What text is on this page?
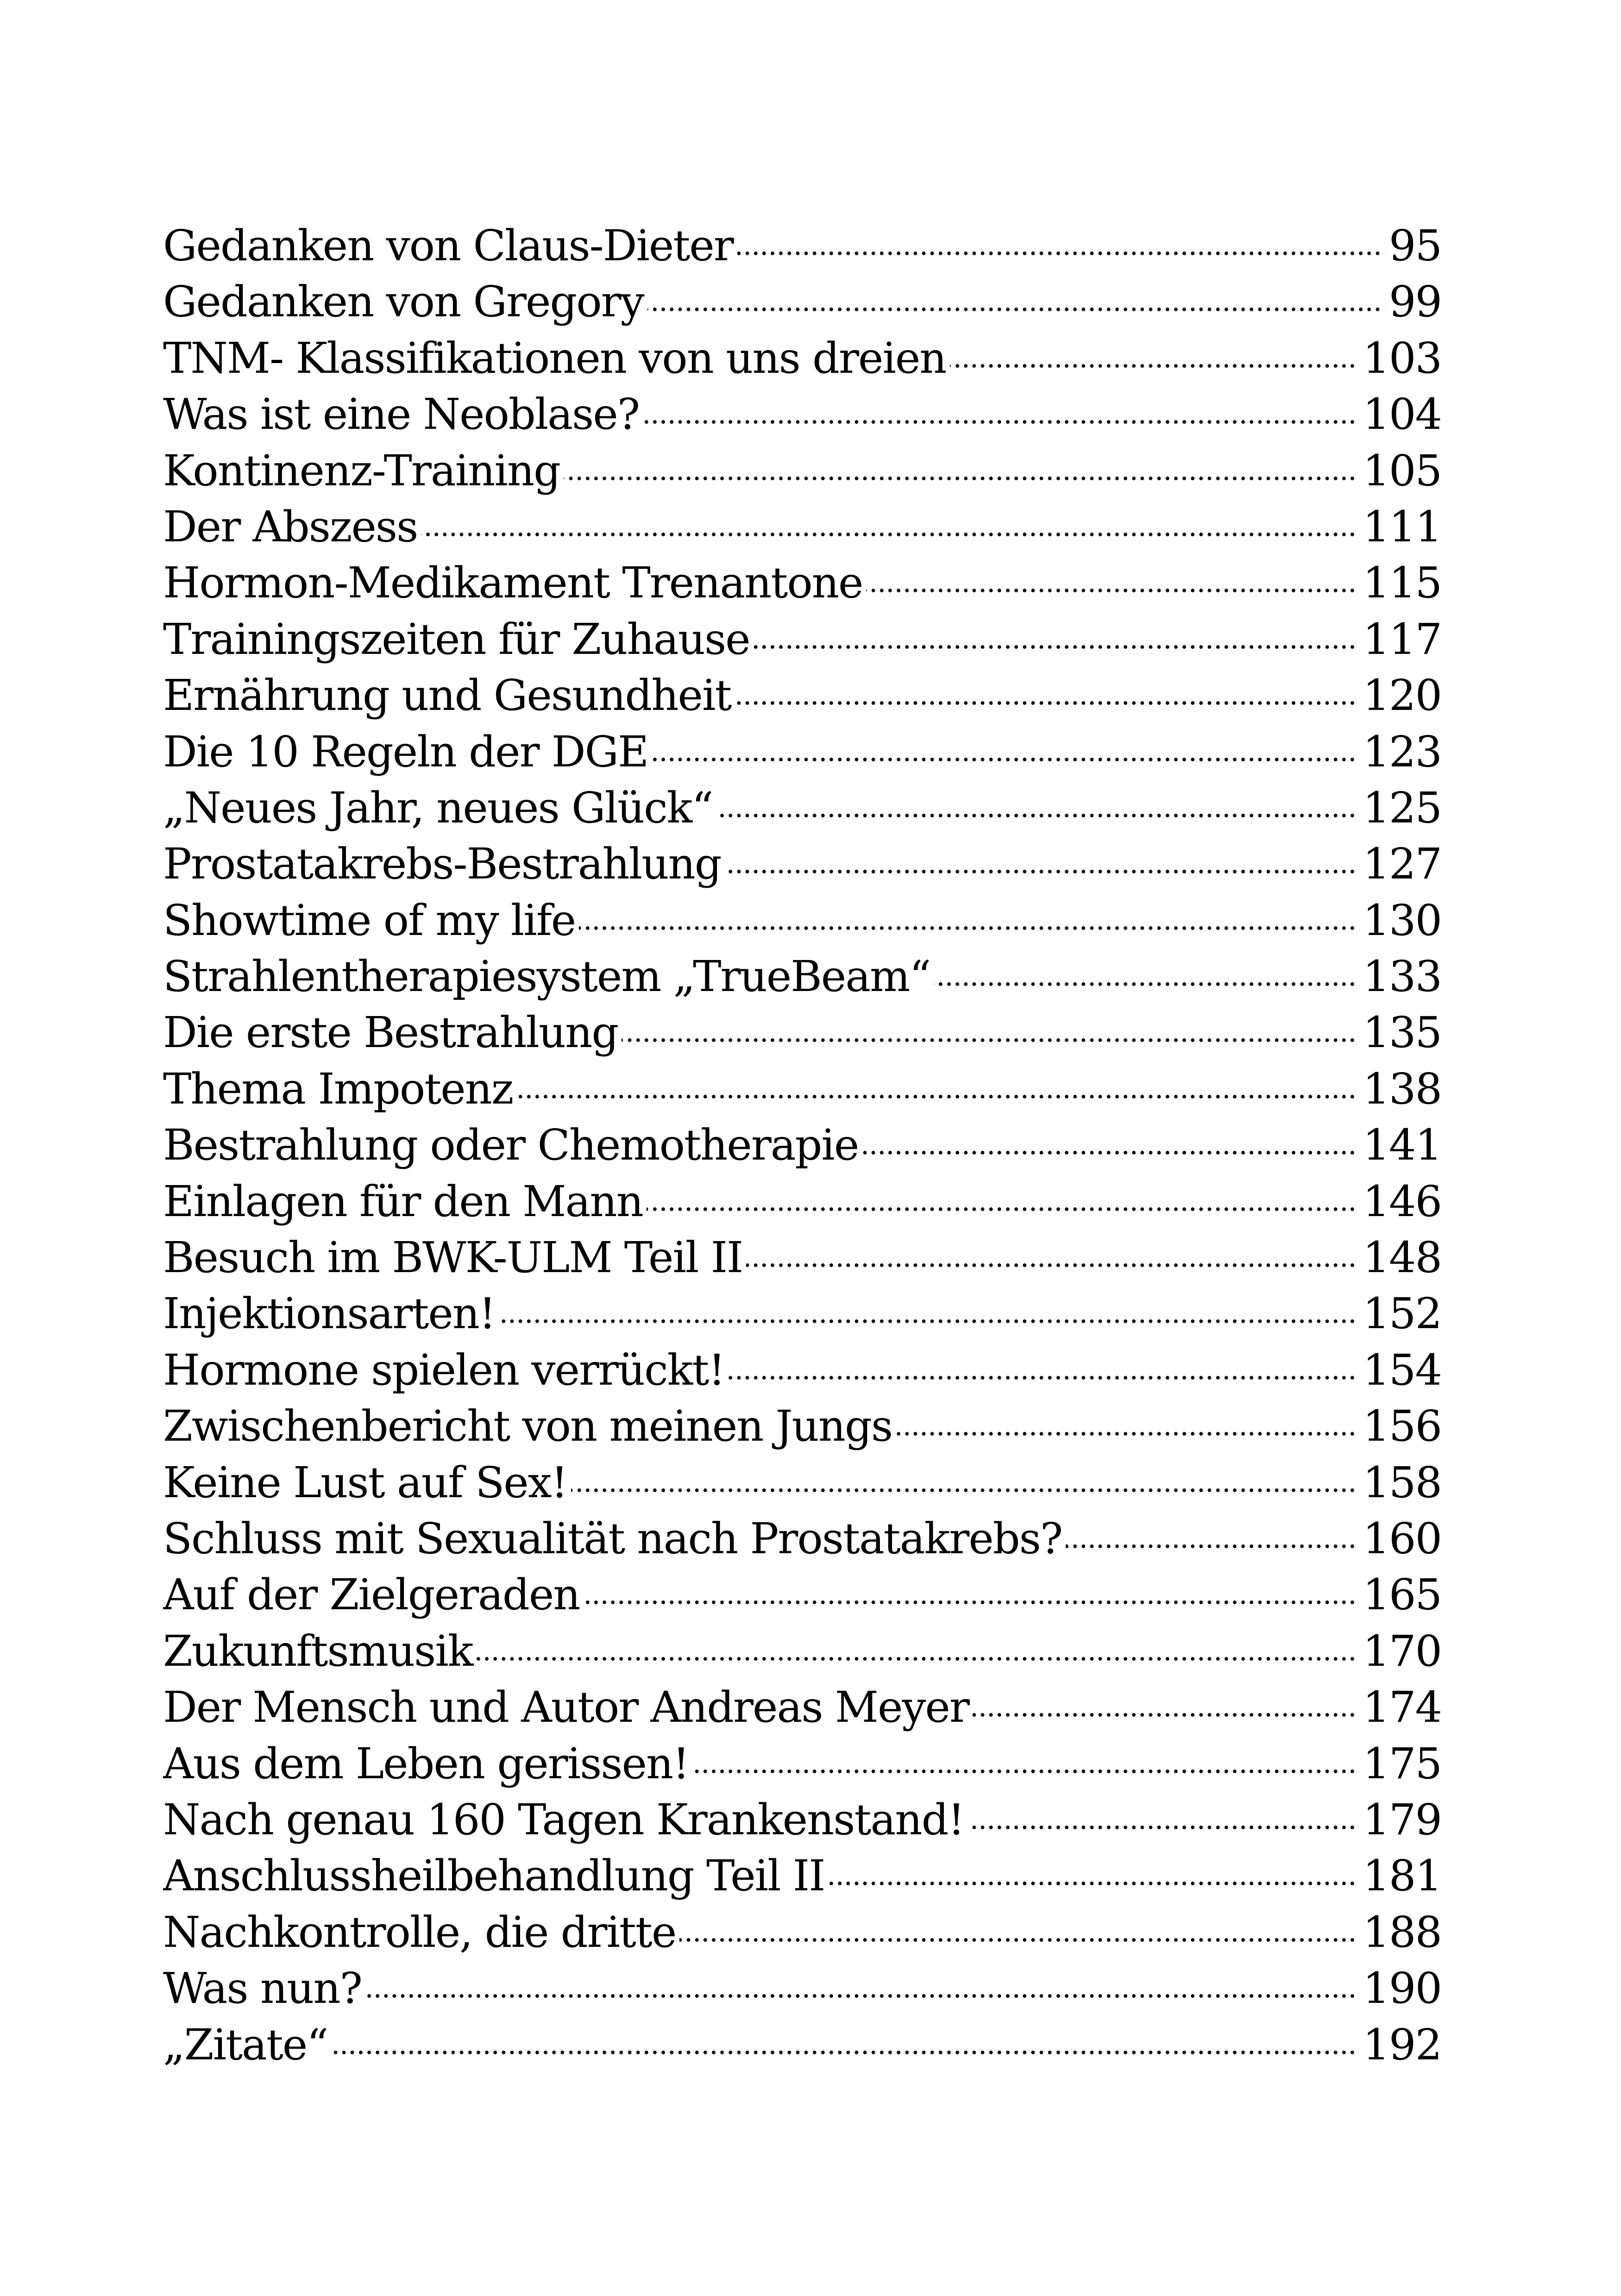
Gedanken von Claus-Dieter	95
. . .
Gedanken von Gregory	99
. . .
TNM- Klassifikationen von uns dreien	103
. . .
Was ist eine Neoblase?	104
. . .
Kontinenz-Training	105
. . .
Der Abszess	111
. . .
Hormon-Medikament Trenantone	115
. . .
Trainingszeiten für Zuhause	117
. . .
Ernährung und Gesundheit	120
. . .
Die 10 Regeln der DGE	123
. . .
„Neues Jahr, neues Glück“	125
. . .
Prostatakrebs-Bestrahlung	127
. . .
Showtime of my life	130
. . .
Strahlentherapiesystem „TrueBeam“	133
. . .
Die erste Bestrahlung	135
. . .
Thema Impotenz	138
. . .
Bestrahlung oder Chemotherapie	141
. . .
Einlagen für den Mann	146
. . .
Besuch im BWK-ULM Teil II	148
. . .
Injektionsarten!	152
. . .
Hormone spielen verrückt!	154
. . .
Zwischenbericht von meinen Jungs	156
. . .
Keine Lust auf Sex!	158
. . .
Schluss mit Sexualität nach Prostatakrebs?	160
. . .
Auf der Zielgeraden	165
. . .
Zukunftsmusik	170
. . .
Der Mensch und Autor Andreas Meyer	174
. . .
Aus dem Leben gerissen!	175
. . .
Nach genau 160 Tagen Krankenstand!	179
. . .
Anschlussheilbehandlung Teil II	181
. . .
Nachkontrolle, die dritte	188
. . .
Was nun?	190
. . .
„Zitate“	192
. . .
